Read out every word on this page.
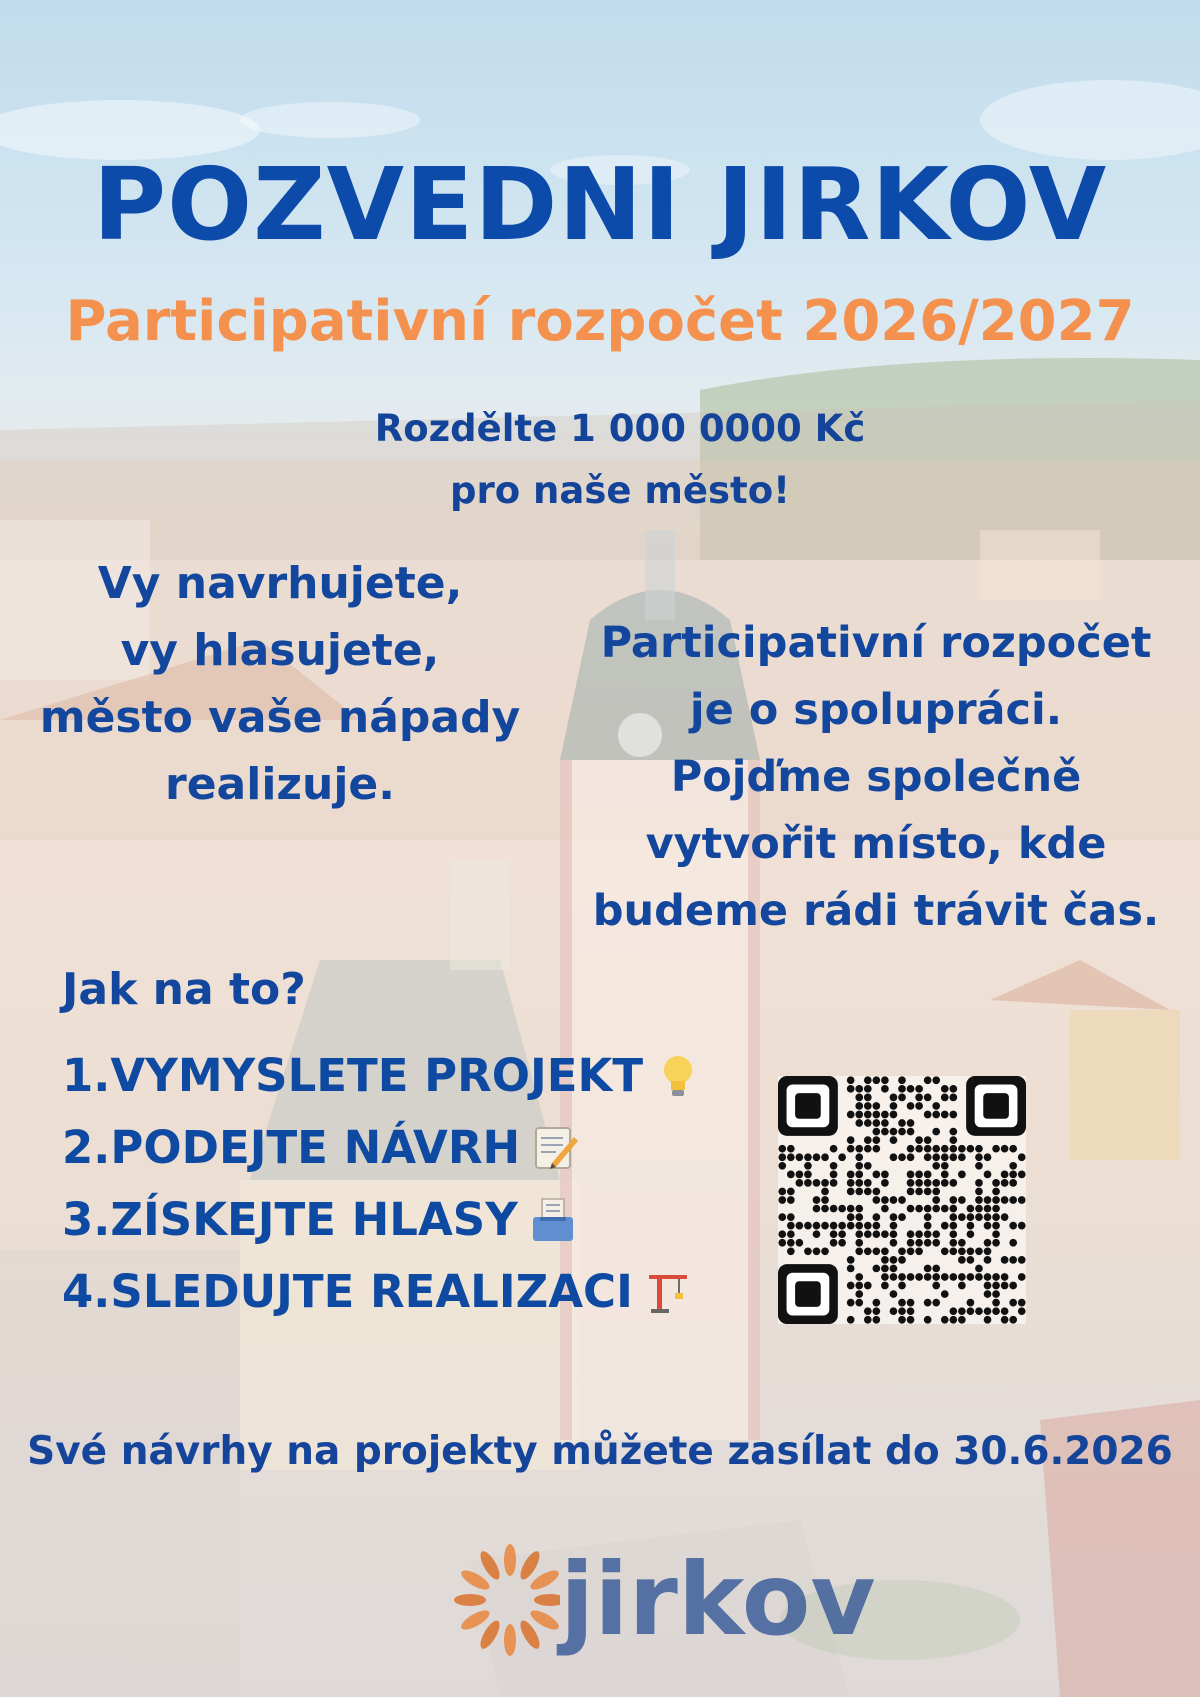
POZVEDNI JIRKOV
Participativní rozpočet 2026/2027
Rozdělte 1 000 0000 Kč
pro naše město!
Vy navrhujete,
vy hlasujete,
město vaše nápady
realizuje.
Participativní rozpočet
je o spolupráci.
Pojďme společně
vytvořit místo, kde
budeme rádi trávit čas.
Jak na to?
1.VYMYSLETE PROJEKT
2.PODEJTE NÁVRH
3.ZÍSKEJTE HLASY
4.SLEDUJTE REALIZACI
Své návrhy na projekty můžete zasílat do 30.6.2026
jirkov
